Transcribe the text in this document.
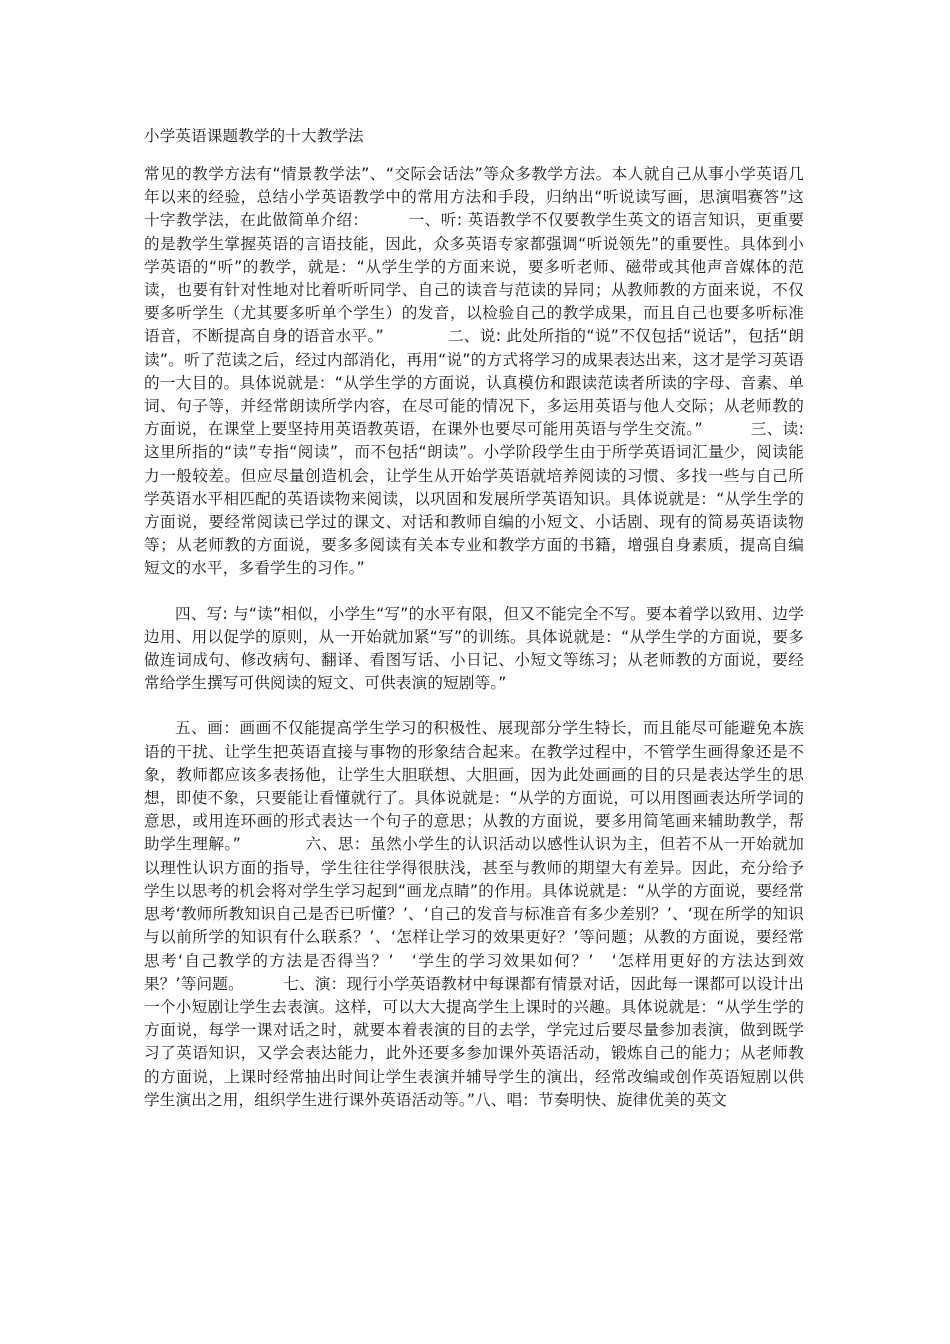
小学英语课题教学的十大教学法

常见的教学方法有“情景教学法”、“交际会话法”等众多教学方法。本人就自己从事小学英语几年以来的经验，总结小学英语教学中的常用方法和手段，归纳出“听说读写画，思演唱赛答”这十字教学法，在此做简单介绍：　　　一、听: 英语教学不仅要教学生英文的语言知识，更重要的是教学生掌握英语的言语技能，因此，众多英语专家都强调“听说领先”的重要性。具体到小学英语的“听”的教学，就是：“从学生学的方面来说，要多听老师、磁带或其他声音媒体的范读，也要有针对性地对比着听听同学、自己的读音与范读的异同；从教师教的方面来说，不仅要多听学生（尤其要多听单个学生）的发音，以检验自己的教学成果，而且自己也要多听标准语音，不断提高自身的语音水平。”　　　　二、说: 此处所指的“说”不仅包括“说话”，包括“朗读”。听了范读之后，经过内部消化，再用“说”的方式将学习的成果表达出来，这才是学习英语的一大目的。具体说就是：“从学生学的方面说，认真模仿和跟读范读者所读的字母、音素、单词、句子等，并经常朗读所学内容，在尽可能的情况下，多运用英语与他人交际；从老师教的方面说，在课堂上要坚持用英语教英语，在课外也要尽可能用英语与学生交流。”　　　三、读: 这里所指的“读”专指“阅读”，而不包括“朗读”。小学阶段学生由于所学英语词汇量少，阅读能力一般较差。但应尽量创造机会，让学生从开始学英语就培养阅读的习惯、多找一些与自己所学英语水平相匹配的英语读物来阅读，以巩固和发展所学英语知识。具体说就是：“从学生学的方面说，要经常阅读已学过的课文、对话和教师自编的小短文、小话剧、现有的简易英语读物等；从老师教的方面说，要多多阅读有关本专业和教学方面的书籍，增强自身素质，提高自编短文的水平，多看学生的习作。”

四、写: 与“读”相似，小学生“写”的水平有限，但又不能完全不写。要本着学以致用、边学边用、用以促学的原则，从一开始就加紧“写”的训练。具体说就是：“从学生学的方面说，要多做连词成句、修改病句、翻译、看图写话、小日记、小短文等练习；从老师教的方面说，要经常给学生撰写可供阅读的短文、可供表演的短剧等。”

五、画：画画不仅能提高学生学习的积极性、展现部分学生特长，而且能尽可能避免本族语的干扰、让学生把英语直接与事物的形象结合起来。在教学过程中，不管学生画得象还是不象，教师都应该多表扬他，让学生大胆联想、大胆画，因为此处画画的目的只是表达学生的思想，即使不象，只要能让看懂就行了。具体说就是：“从学的方面说，可以用图画表达所学词的意思，或用连环画的形式表达一个句子的意思；从教的方面说，要多用简笔画来辅助教学，帮助学生理解。”　　　　六、思：虽然小学生的认识活动以感性认识为主，但若不从一开始就加以理性认识方面的指导，学生往往学得很肤浅，甚至与教师的期望大有差异。因此，充分给予学生以思考的机会将对学生学习起到“画龙点睛”的作用。具体说就是：“从学的方面说，要经常思考‘教师所教知识自己是否已听懂？’、‘自己的发音与标准音有多少差别？’、‘现在所学的知识与以前所学的知识有什么联系？’、‘怎样让学习的效果更好？’等问题；从教的方面说，要经常思考‘自己教学的方法是否得当？’　‘学生的学习效果如何？’　‘怎样用更好的方法达到效果？’等问题。　　　七、演：现行小学英语教材中每课都有情景对话，因此每一课都可以设计出一个小短剧让学生去表演。这样，可以大大提高学生上课时的兴趣。具体说就是：“从学生学的方面说，每学一课对话之时，就要本着表演的目的去学，学完过后要尽量参加表演，做到既学习了英语知识，又学会表达能力，此外还要多参加课外英语活动，锻炼自己的能力；从老师教的方面说，上课时经常抽出时间让学生表演并辅导学生的演出，经常改编或创作英语短剧以供学生演出之用，组织学生进行课外英语活动等。”八、唱：节奏明快、旋律优美的英文
